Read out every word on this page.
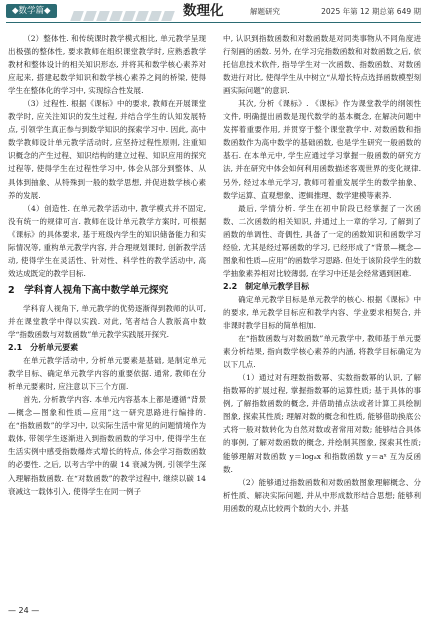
◆数学篇◆	数理化	解题研究	2025 年第 12 期总第 649 期

（2）整体性. 和传统课时教学模式相比, 单元教学呈现出极强的整体性, 要求教师在组织课堂教学时, 应熟悉教学教材和整体设计的相关知识形态, 并将其和数学核心素养对应起来, 搭建起数学知识和数学核心素养之间的桥梁, 使得学生在整体化的学习中, 实现综合性发展.

（3）过程性. 根据《课标》中的要求, 教师在开展课堂教学时, 应关注知识的发生过程, 并结合学生的认知发展特点, 引领学生真正参与到数学知识的探索学习中. 因此, 高中数学教师设计单元教学活动时, 应坚持过程性原则, 注重知识概念的产生过程、知识结构的建立过程、知识应用的探究过程等, 使得学生在过程性学习中, 体会从部分到整体、从具体到抽象、从特殊到一般的数学思想, 并促进数学核心素养的发展.

（4）创造性. 在单元教学活动中, 教学模式并不固定, 没有统一的规律可言. 教师在设计单元教学方案时, 可根据《课标》的具体要求, 基于班级内学生的知识储备能力和实际情况等, 重构单元教学内容, 并合理规划课时, 创新教学活动, 使得学生在灵活性、针对性、科学性的教学活动中, 高效达成既定的教学目标.

2　学科育人视角下高中数学单元探究

学科育人视角下, 单元教学的优势逐渐得到教师的认可, 并在课堂教学中得以实践. 对此, 笔者结合人教版高中数学“指数函数与对数函数”单元教学实践展开探究.

2.1　分析单元要素

在单元教学活动中, 分析单元要素是基础, 是制定单元教学目标、确定单元教学内容的重要依据. 通常, 教师在分析单元要素时, 应注意以下三个方面.

首先, 分析教学内容. 本单元内容基本上都是遵循“背景—概念—图象和性质—应用”这一研究思路进行编排的. 在“指数函数”的学习中, 以实际生活中常见的问题情境作为载体, 带领学生逐渐进入到指数函数的学习中, 使得学生在生活实例中感受指数爆炸式增长的特点, 体会学习指数函数的必要性. 之后, 以考古学中的碳 14 衰减为例, 引领学生深入理解指数函数. 在“对数函数”的教学过程中, 继续以碳 14 衰减这一载体引入, 使得学生在同一例子

中, 认识到指数函数和对数函数是对同类事物从不同角度进行刻画的函数. 另外, 在学习完指数函数和对数函数之后, 依托信息技术软件, 指导学生对一次函数、指数函数、对数函数进行对比, 使得学生从中树立“从增长特点选择函数模型刻画实际问题”的意识.

其次, 分析《课标》. 《课标》作为课堂教学的纲领性文件, 明确提出函数是现代数学的基本概念, 在解决问题中发挥着重要作用, 并贯穿于整个课堂教学中. 对数函数和指数函数作为高中数学的基础函数, 也是学生研究一般函数的基石. 在本单元中, 学生应通过学习掌握一般函数的研究方法, 并在研究中体会如何利用函数描述客观世界的变化规律. 另外, 经过本单元学习, 教师可着重发展学生的数学抽象、数学运算、直观想象、逻辑推理、数学建模等素养.

最后, 学情分析. 学生在初中阶段已经掌握了一次函数、二次函数的相关知识, 并通过上一章的学习, 了解到了函数的单调性、奇偶性, 具备了一定的函数知识和函数学习经验, 尤其是经过幂函数的学习, 已经形成了“背景—概念—图象和性质—应用”的函数学习思路. 但处于该阶段学生的数学抽象素养相对比较薄弱, 在学习中还是会经常遇到困难.

2.2　制定单元教学目标

确定单元教学目标是单元教学的核心. 根据《课标》中的要求, 单元教学目标应和教学内容、学业要求相契合, 并非课时教学目标的简单相加.

在“指数函数与对数函数”单元教学中, 教师基于单元要素分析结果, 指向数学核心素养的内涵, 将教学目标确定为以下几点.

（1）通过对有理数指数幂、实数指数幂的认识, 了解指数幂的扩展过程, 掌握指数幂的运算性质; 基于具体的事例, 了解指数函数的概念, 并借助描点法或者计算工具绘制图象, 探索其性质; 理解对数的概念和性质, 能够借助换底公式将一般对数转化为自然对数或者常用对数; 能够结合具体的事例, 了解对数函数的概念, 并绘制其图象, 探索其性质; 能够理解对数函数 y＝logₐx 和指数函数 y＝aˣ 互为反函数.

（2）能够通过指数函数和对数函数图象理解概念、分析性质、解决实际问题, 并从中形成数形结合思想; 能够利用函数的观点比较两个数的大小, 并基

— 24 —
